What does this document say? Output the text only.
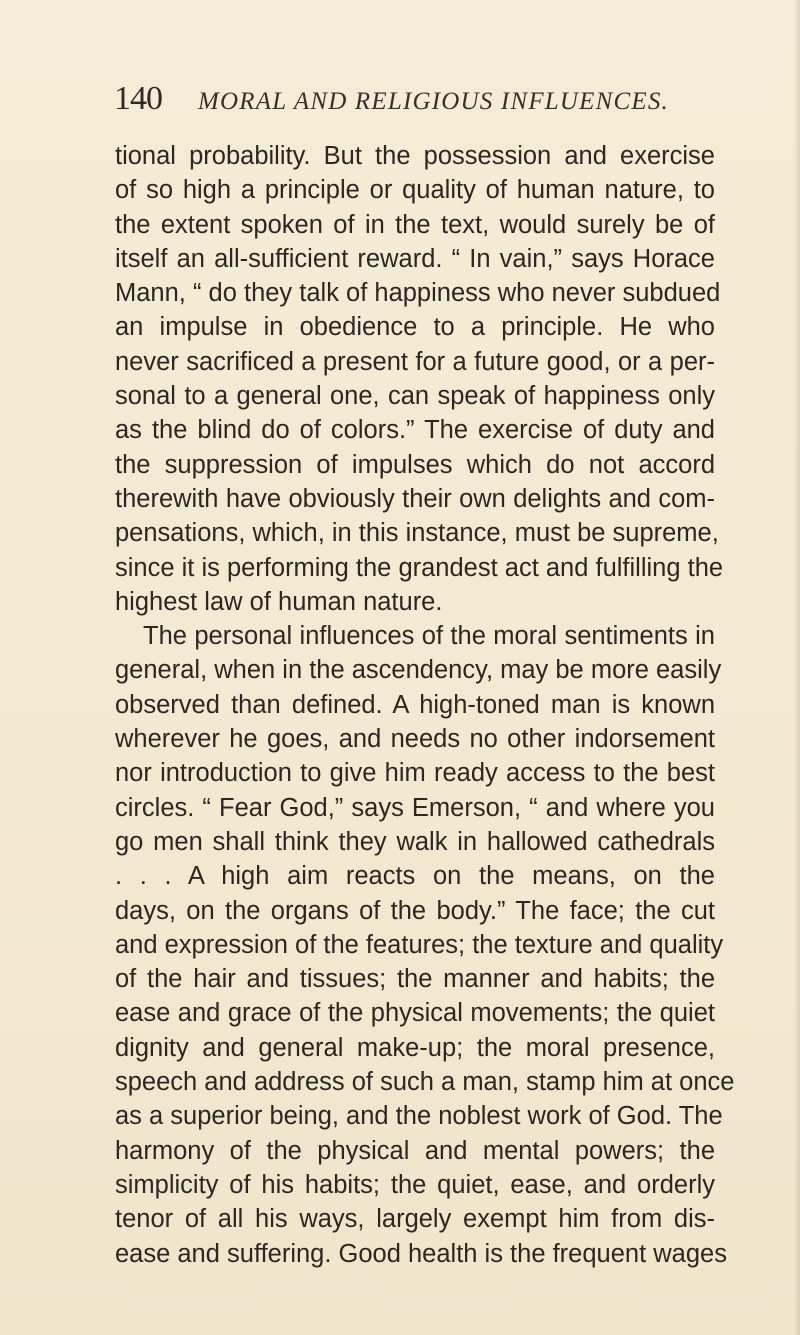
140 MORAL AND RELIGIOUS INFLUENCES.
tional probability. But the possession and exercise
of so high a principle or quality of human nature, to
the extent spoken of in the text, would surely be of
itself an all-sufficient reward. “ In vain,” says Horace
Mann, “ do they talk of happiness who never subdued
an impulse in obedience to a principle. He who
never sacrificed a present for a future good, or a per-
sonal to a general one, can speak of happiness only
as the blind do of colors.” The exercise of duty and
the suppression of impulses which do not accord
therewith have obviously their own delights and com-
pensations, which, in this instance, must be supreme,
since it is performing the grandest act and fulfilling the
highest law of human nature.
The personal influences of the moral sentiments in
general, when in the ascendency, may be more easily
observed than defined. A high-toned man is known
wherever he goes, and needs no other indorsement
nor introduction to give him ready access to the best
circles. “ Fear God,” says Emerson, “ and where you
go men shall think they walk in hallowed cathedrals
. . . A high aim reacts on the means, on the
days, on the organs of the body.” The face; the cut
and expression of the features; the texture and quality
of the hair and tissues; the manner and habits; the
ease and grace of the physical movements; the quiet
dignity and general make-up; the moral presence,
speech and address of such a man, stamp him at once
as a superior being, and the noblest work of God. The
harmony of the physical and mental powers; the
simplicity of his habits; the quiet, ease, and orderly
tenor of all his ways, largely exempt him from dis-
ease and suffering. Good health is the frequent wages
